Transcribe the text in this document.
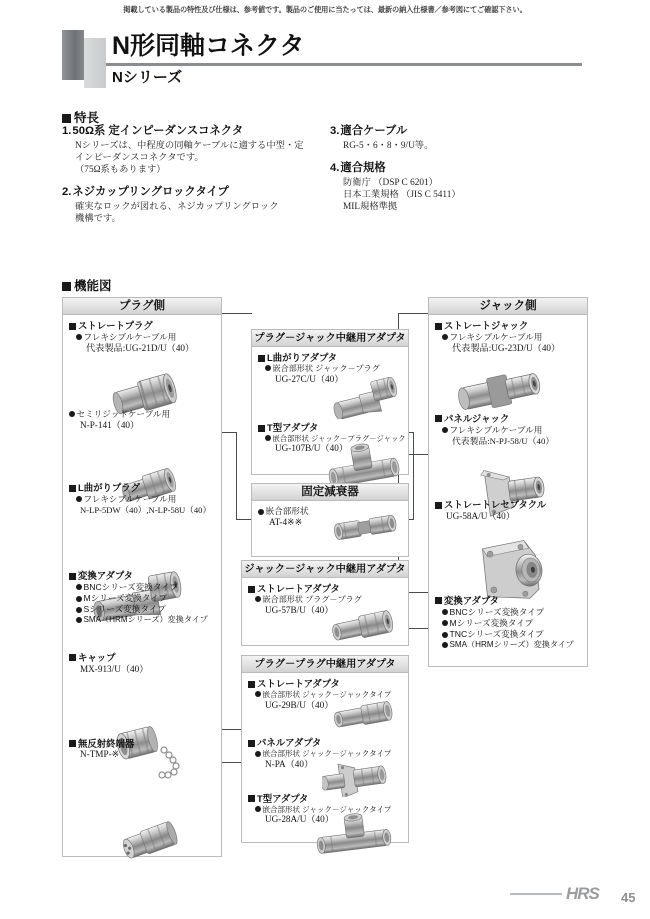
掲載している製品の特性及び仕様は、参考値です。製品のご使用に当たっては、最新の納入仕様書／参考図にてご確認下さい。
N形同軸コネクタ
Nシリーズ
特長
1.50Ω系 定インピーダンスコネクタ
Nシリーズは、中程度の同軸ケーブルに適する中型・定
インピーダンスコネクタです。
（75Ω系もあります）
2.ネジカップリングロックタイプ
確実なロックが図れる、ネジカップリングロック
機構です。
3.適合ケーブル
RG-5・6・8・9/U等。
4.適合規格
防衛庁 （DSP C 6201）
日本工業規格 （JIS C 5411）
MIL規格準拠
機能図
プラグ側
ストレートプラグ
フレキシブルケーブル用
代表製品:UG-21D/U（40）
セミリジッドケーブル用
N-P-141（40）
L曲がりプラグ
フレキシブルケーブル用
N-LP-5DW（40）,N-LP-58U（40）
変換アダプタ
BNCシリーズ変換タイプ
Mシリーズ変換タイプ
Sシリーズ変換タイプ
SMA（HRMシリーズ）変換タイプ
キャップ
MX-913/U（40）
無反射終端器
N-TMP-※
プラグ－ジャック中継用アダプタ
L曲がりアダプタ
嵌合部形状 ジャック－プラグ
UG-27C/U（40）
T型アダプタ
嵌合部形状 ジャック－プラグ－ジャック
UG-107B/U（40）
固定減衰器
嵌合部形状
AT-4※※
ジャック－ジャック中継用アダプタ
ストレートアダプタ
嵌合部形状 プラグ－プラグ
UG-57B/U（40）
プラグ－プラグ中継用アダプタ
ストレートアダプタ
嵌合部形状 ジャック－ジャックタイプ
UG-29B/U（40）
パネルアダプタ
嵌合部形状 ジャック－ジャックタイプ
N-PA（40）
T型アダプタ
嵌合部形状 ジャック－ジャックタイプ
UG-28A/U（40）
ジャック側
ストレートジャック
フレキシブルケーブル用
代表製品:UG-23D/U（40）
パネルジャック
フレキシブルケーブル用
代表製品:N-PJ-58/U（40）
ストレートレセプタクル
UG-58A/U（40）
変換アダプタ
BNCシリーズ変換タイプ
Mシリーズ変換タイプ
TNCシリーズ変換タイプ
SMA（HRMシリーズ）変換タイプ
HRS 45
